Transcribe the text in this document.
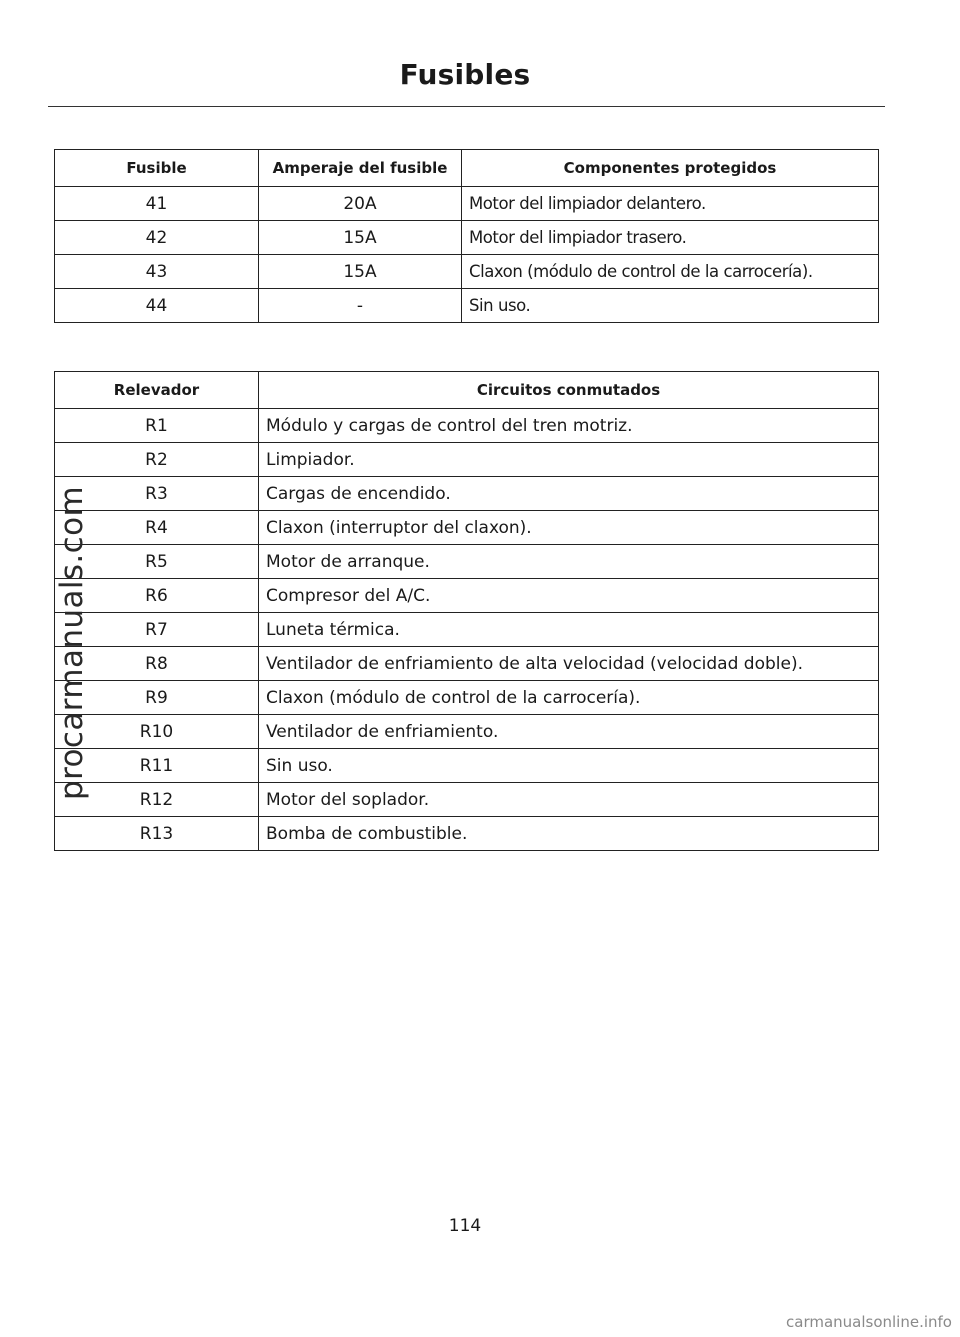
Fusibles
Fusible	Amperaje del fusible	Componentes protegidos
41	20A	Motor del limpiador delantero.
42	15A	Motor del limpiador trasero.
43	15A	Claxon (módulo de control de la carrocería).
44	-	Sin uso.
Relevador	Circuitos conmutados
R1	Módulo y cargas de control del tren motriz.
R2	Limpiador.
R3	Cargas de encendido.
R4	Claxon (interruptor del claxon).
R5	Motor de arranque.
R6	Compresor del A/C.
R7	Luneta térmica.
R8	Ventilador de enfriamiento de alta velocidad (velocidad doble).
R9	Claxon (módulo de control de la carrocería).
R10	Ventilador de enfriamiento.
R11	Sin uso.
R12	Motor del soplador.
R13	Bomba de combustible.
procarmanuals.com
114
carmanualsonline.info
